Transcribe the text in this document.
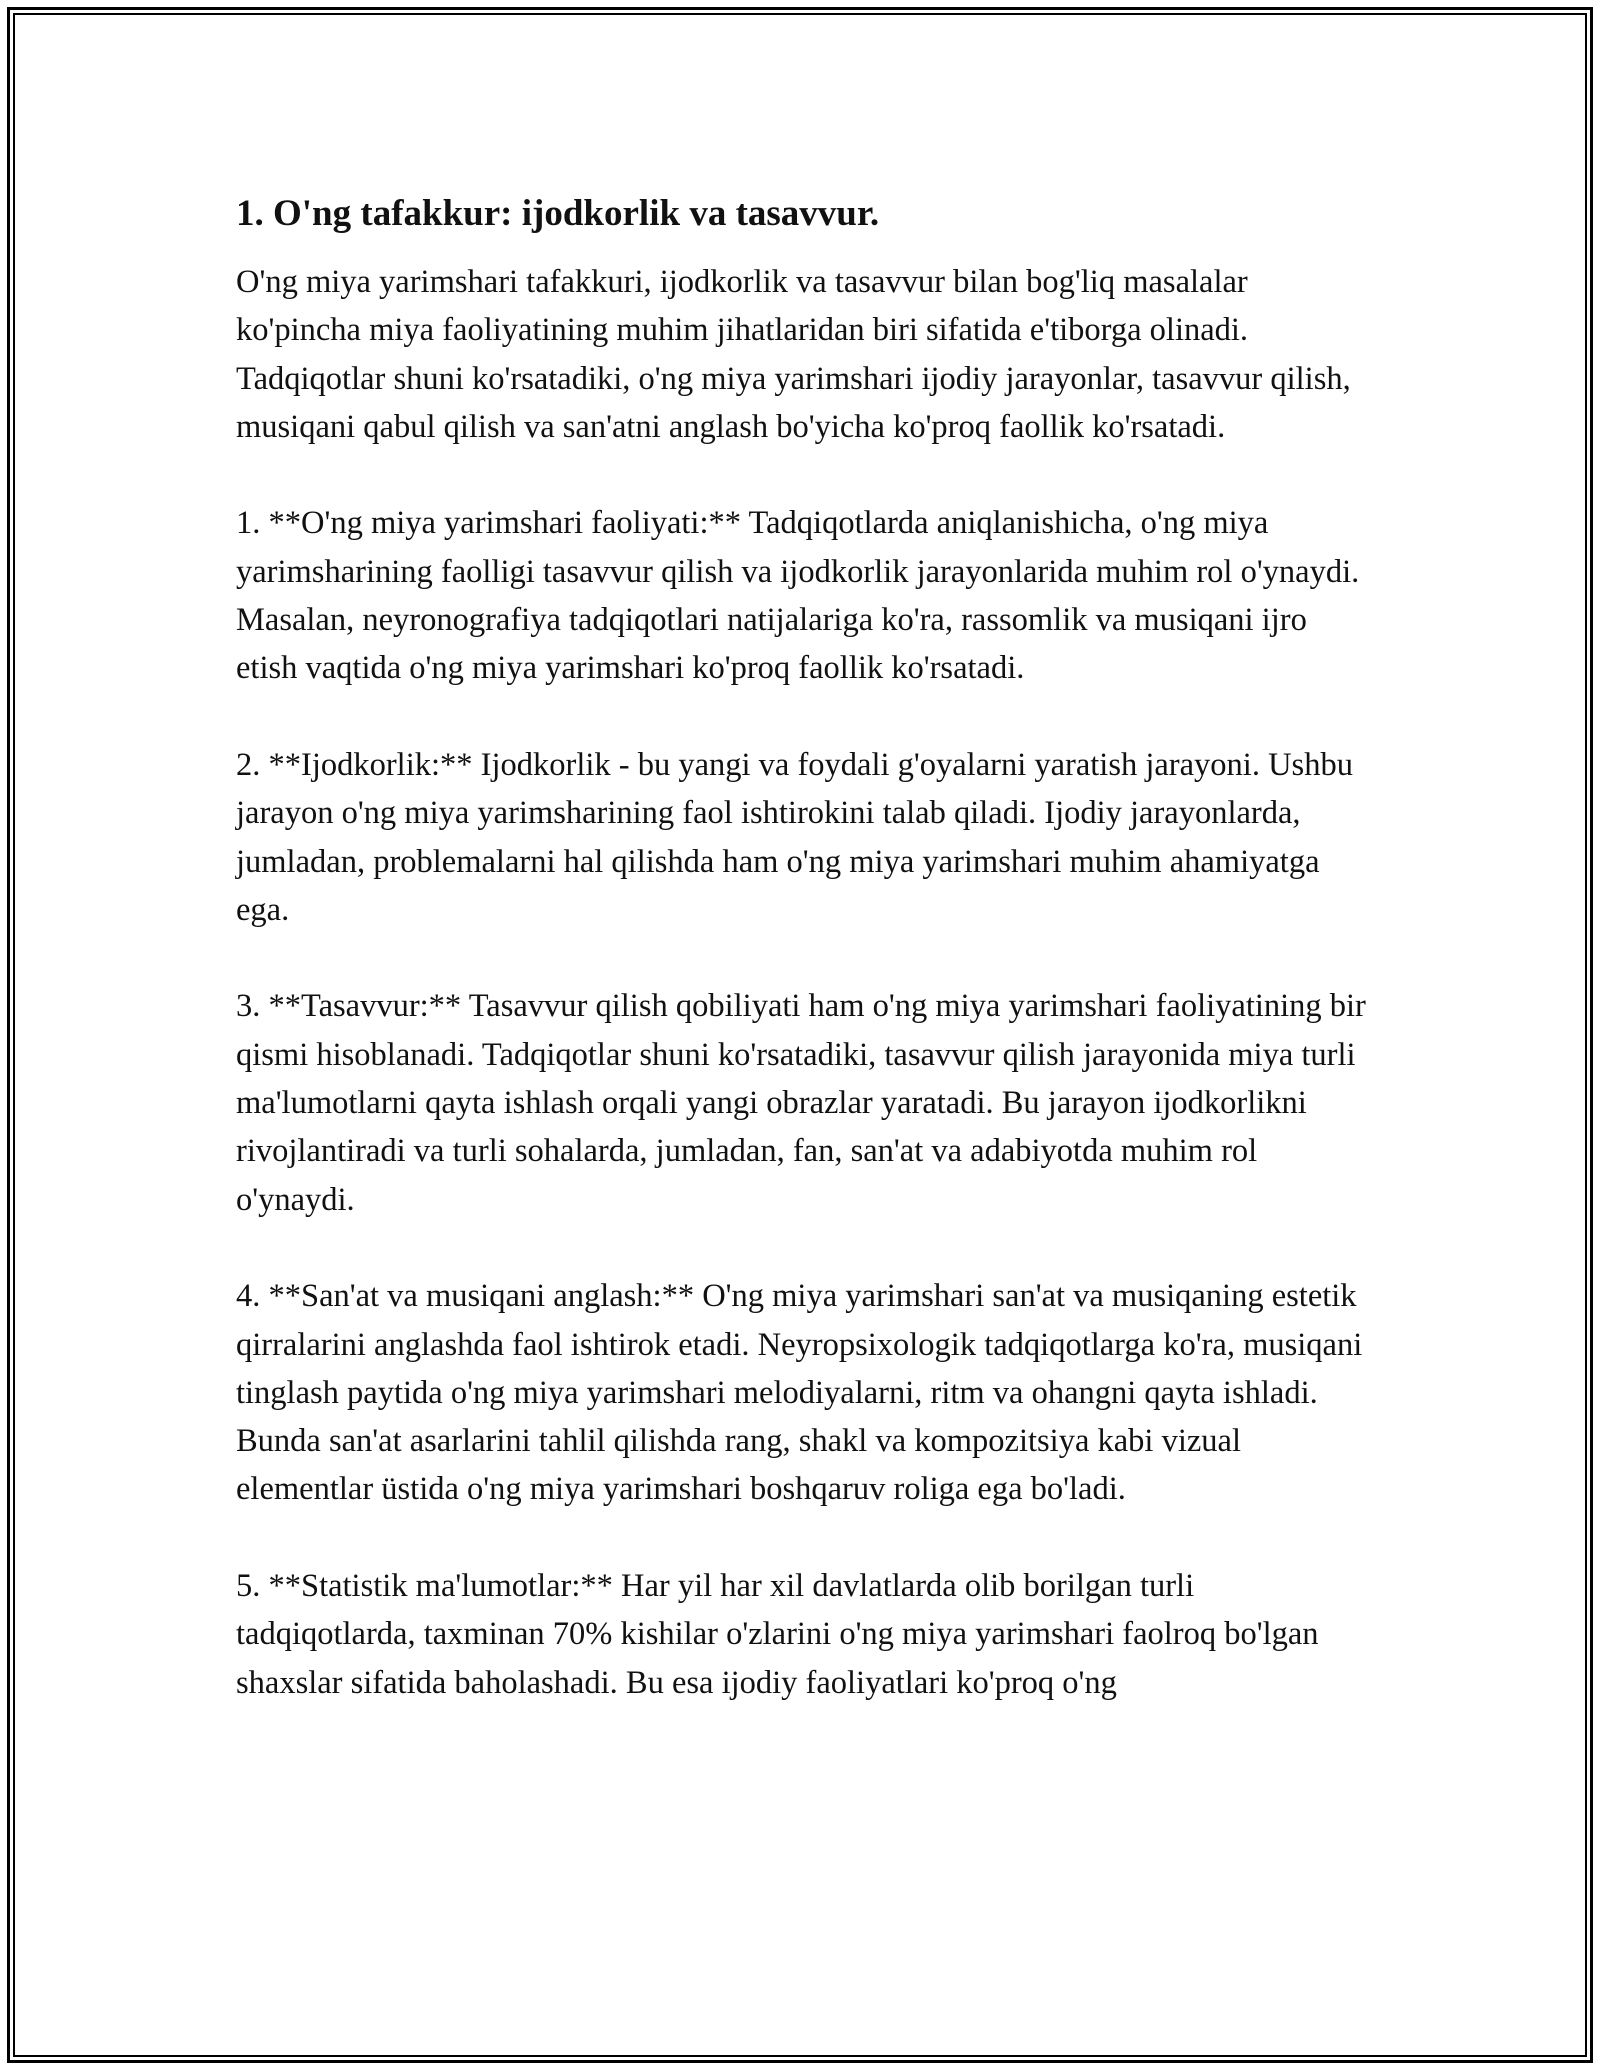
1. O'ng tafakkur: ijodkorlik va tasavvur.

O'ng miya yarimshari tafakkuri, ijodkorlik va tasavvur bilan bog'liq masalalar ko'pincha miya faoliyatining muhim jihatlaridan biri sifatida e'tiborga olinadi. Tadqiqotlar shuni ko'rsatadiki, o'ng miya yarimshari ijodiy jarayonlar, tasavvur qilish, musiqani qabul qilish va san'atni anglash bo'yicha ko'proq faollik ko'rsatadi.

1. **O'ng miya yarimshari faoliyati:** Tadqiqotlarda aniqlanishicha, o'ng miya yarimsharining faolligi tasavvur qilish va ijodkorlik jarayonlarida muhim rol o'ynaydi. Masalan, neyronografiya tadqiqotlari natijalariga ko'ra, rassomlik va musiqani ijro etish vaqtida o'ng miya yarimshari ko'proq faollik ko'rsatadi.

2. **Ijodkorlik:** Ijodkorlik - bu yangi va foydali g'oyalarni yaratish jarayoni. Ushbu jarayon o'ng miya yarimsharining faol ishtirokini talab qiladi. Ijodiy jarayonlarda, jumladan, problemalarni hal qilishda ham o'ng miya yarimshari muhim ahamiyatga ega.

3. **Tasavvur:** Tasavvur qilish qobiliyati ham o'ng miya yarimshari faoliyatining bir qismi hisoblanadi. Tadqiqotlar shuni ko'rsatadiki, tasavvur qilish jarayonida miya turli ma'lumotlarni qayta ishlash orqali yangi obrazlar yaratadi. Bu jarayon ijodkorlikni rivojlantiradi va turli sohalarda, jumladan, fan, san'at va adabiyotda muhim rol o'ynaydi.

4. **San'at va musiqani anglash:** O'ng miya yarimshari san'at va musiqaning estetik qirralarini anglashda faol ishtirok etadi. Neyropsixologik tadqiqotlarga ko'ra, musiqani tinglash paytida o'ng miya yarimshari melodiyalarni, ritm va ohangni qayta ishladi. Bunda san'at asarlarini tahlil qilishda rang, shakl va kompozitsiya kabi vizual elementlar üstida o'ng miya yarimshari boshqaruv roliga ega bo'ladi.

5. **Statistik ma'lumotlar:** Har yil har xil davlatlarda olib borilgan turli tadqiqotlarda, taxminan 70% kishilar o'zlarini o'ng miya yarimshari faolroq bo'lgan shaxslar sifatida baholashadi. Bu esa ijodiy faoliyatlari ko'proq o'ng
